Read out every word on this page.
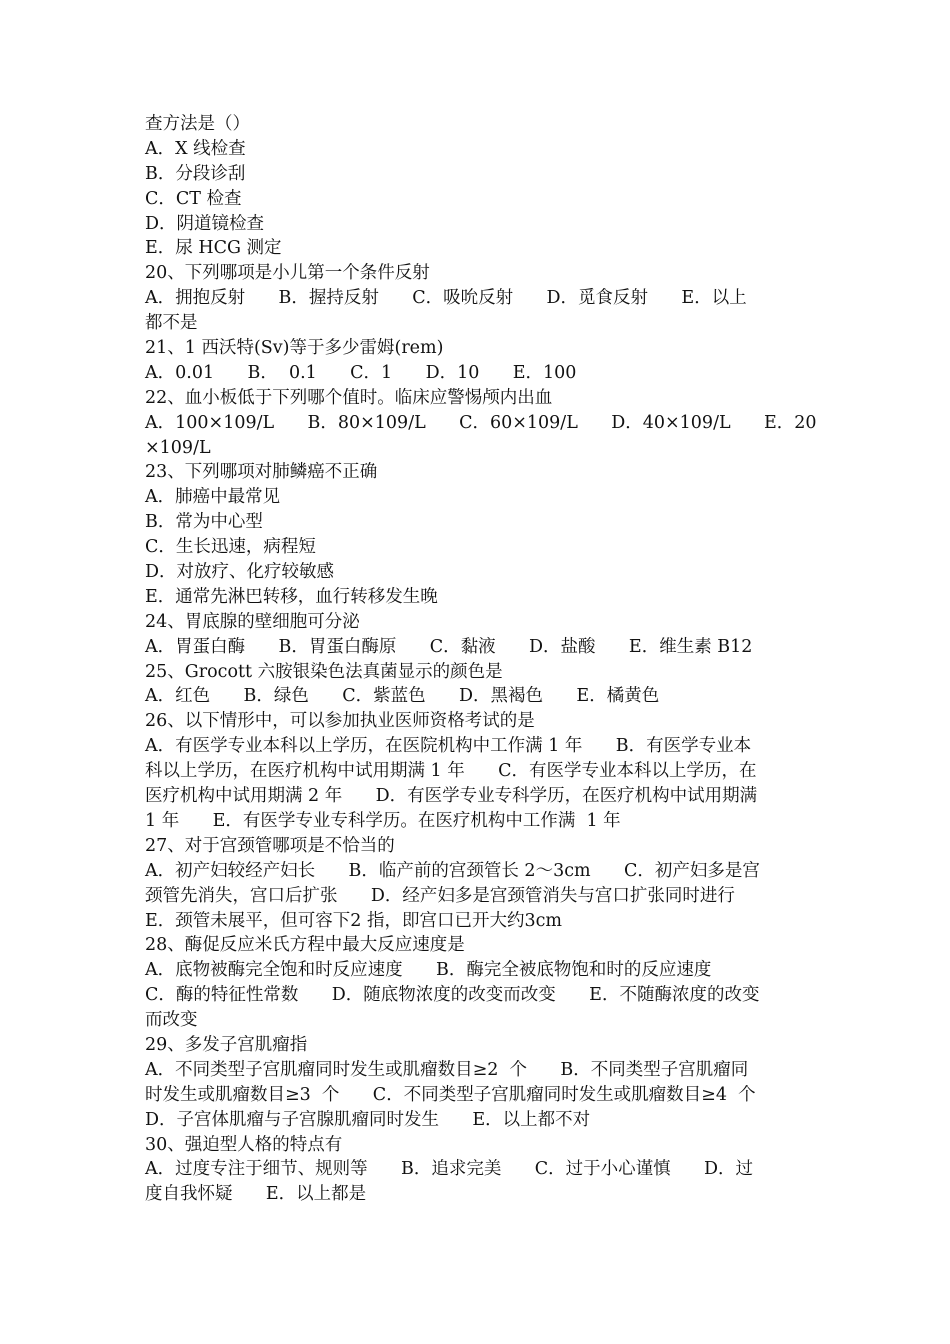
查方法是（）
A．X 线检查
B．分段诊刮
C．CT 检查
D．阴道镜检查
E．尿 HCG 测定
20、下列哪项是小儿第一个条件反射
A．拥抱反射      B．握持反射      C．吸吮反射      D．觅食反射      E．以上
都不是
21、1 西沃特(Sv)等于多少雷姆(rem)
A．0.01      B．  0.1      C．1      D．10      E．100
22、血小板低于下列哪个值时。临床应警惕颅内出血
A．100×109/L      B．80×109/L      C．60×109/L      D．40×109/L      E．20
×109/L
23、下列哪项对肺鳞癌不正确
A．肺癌中最常见
B．常为中心型
C．生长迅速，病程短
D．对放疗、化疗较敏感
E．通常先淋巴转移，血行转移发生晚
24、胃底腺的壁细胞可分泌
A．胃蛋白酶      B．胃蛋白酶原      C．黏液      D．盐酸      E．维生素 B12
25、Grocott 六胺银染色法真菌显示的颜色是
A．红色      B．绿色      C．紫蓝色      D．黑褐色      E．橘黄色
26、以下情形中，可以参加执业医师资格考试的是
A．有医学专业本科以上学历，在医院机构中工作满 1 年      B．有医学专业本
科以上学历，在医疗机构中试用期满 1 年      C．有医学专业本科以上学历，在
医疗机构中试用期满 2 年      D．有医学专业专科学历，在医疗机构中试用期满
1 年      E．有医学专业专科学历。在医疗机构中工作满  1 年
27、对于宫颈管哪项是不恰当的
A．初产妇较经产妇长      B．临产前的宫颈管长 2～3cm      C．初产妇多是宫
颈管先消失，宫口后扩张      D．经产妇多是宫颈管消失与宫口扩张同时进行
E．颈管未展平，但可容下2 指，即宫口已开大约3cm
28、酶促反应米氏方程中最大反应速度是
A．底物被酶完全饱和时反应速度      B．酶完全被底物饱和时的反应速度
C．酶的特征性常数      D．随底物浓度的改变而改变      E．不随酶浓度的改变
而改变
29、多发子宫肌瘤指
A．不同类型子宫肌瘤同时发生或肌瘤数目≥2  个      B．不同类型子宫肌瘤同
时发生或肌瘤数目≥3  个      C．不同类型子宫肌瘤同时发生或肌瘤数目≥4  个
D．子宫体肌瘤与子宫腺肌瘤同时发生      E．以上都不对
30、强迫型人格的特点有
A．过度专注于细节、规则等      B．追求完美      C．过于小心谨慎      D．过
度自我怀疑      E．以上都是
